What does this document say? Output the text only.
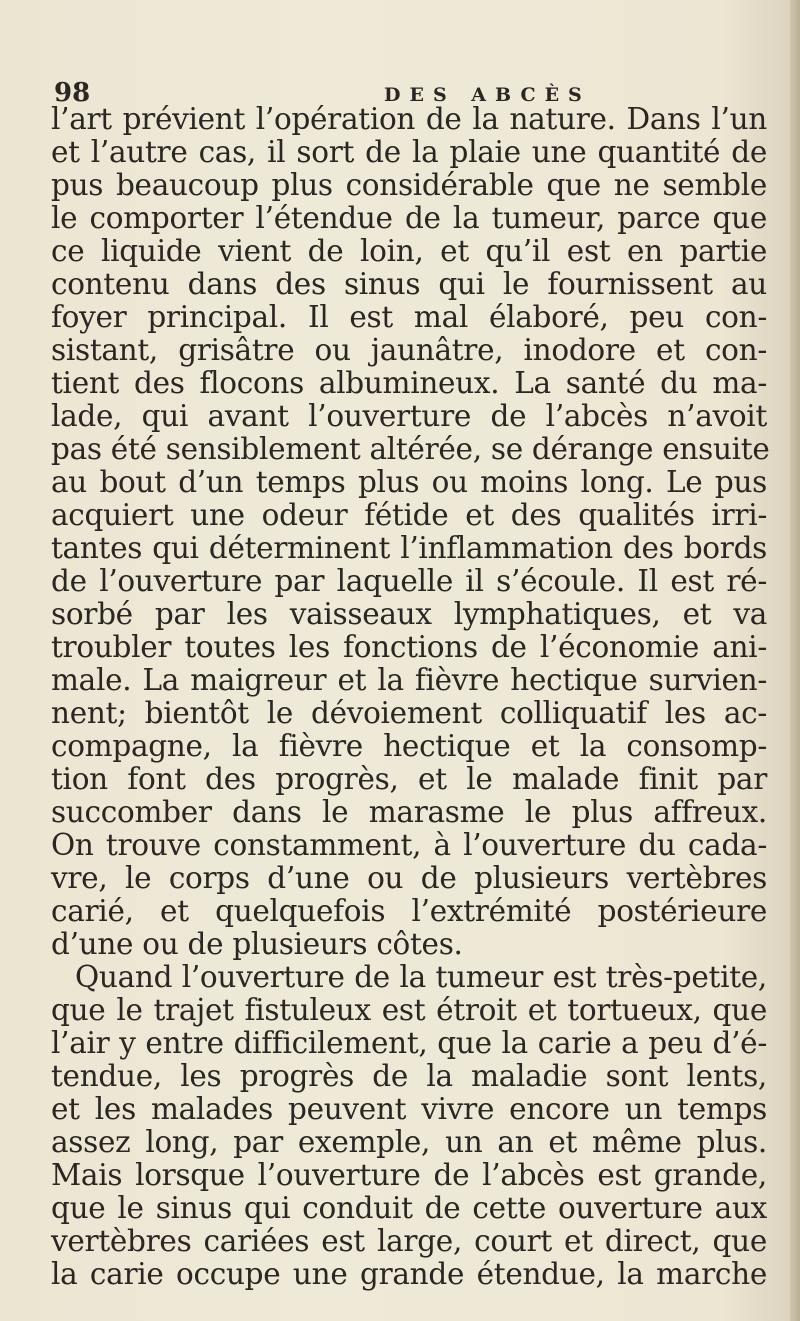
98	DES ABCÈS
l’art prévient l’opération de la nature. Dans l’un
et l’autre cas, il sort de la plaie une quantité de
pus beaucoup plus considérable que ne semble
le comporter l’étendue de la tumeur, parce que
ce liquide vient de loin, et qu’il est en partie
contenu dans des sinus qui le fournissent au
foyer principal. Il est mal élaboré, peu con-
sistant, grisâtre ou jaunâtre, inodore et con-
tient des flocons albumineux. La santé du ma-
lade, qui avant l’ouverture de l’abcès n’avoit
pas été sensiblement altérée, se dérange ensuite
au bout d’un temps plus ou moins long. Le pus
acquiert une odeur fétide et des qualités irri-
tantes qui déterminent l’inflammation des bords
de l’ouverture par laquelle il s’écoule. Il est ré-
sorbé par les vaisseaux lymphatiques, et va
troubler toutes les fonctions de l’économie ani-
male. La maigreur et la fièvre hectique survien-
nent; bientôt le dévoiement colliquatif les ac-
compagne, la fièvre hectique et la consomp-
tion font des progrès, et le malade finit par
succomber dans le marasme le plus affreux.
On trouve constamment, à l’ouverture du cada-
vre, le corps d’une ou de plusieurs vertèbres
carié, et quelquefois l’extrémité postérieure
d’une ou de plusieurs côtes.
Quand l’ouverture de la tumeur est très-petite,
que le trajet fistuleux est étroit et tortueux, que
l’air y entre difficilement, que la carie a peu d’é-
tendue, les progrès de la maladie sont lents,
et les malades peuvent vivre encore un temps
assez long, par exemple, un an et même plus.
Mais lorsque l’ouverture de l’abcès est grande,
que le sinus qui conduit de cette ouverture aux
vertèbres cariées est large, court et direct, que
la carie occupe une grande étendue, la marche
